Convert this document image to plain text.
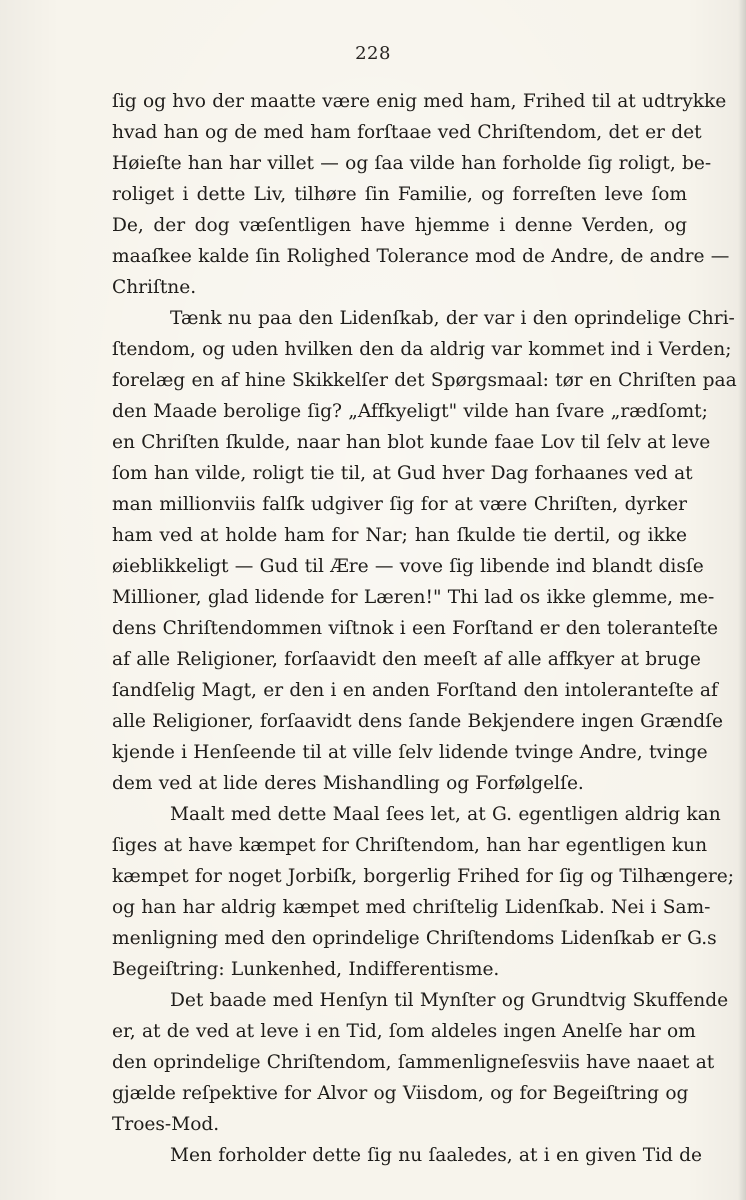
228
ſig og hvo der maatte være enig med ham, Frihed til at udtrykke
hvad han og de med ham forſtaae ved Chriſtendom, det er det
Høieſte han har villet — og ſaa vilde han forholde ſig roligt, be-
roliget i dette Liv, tilhøre ſin Familie, og forreſten leve ſom
De, der dog væſentligen have hjemme i denne Verden, og
maaſkee kalde ſin Rolighed Tolerance mod de Andre, de andre —
Chriſtne.
Tænk nu paa den Lidenſkab, der var i den oprindelige Chri-
ſtendom, og uden hvilken den da aldrig var kommet ind i Verden;
forelæg en af hine Skikkelſer det Spørgsmaal: tør en Chriſten paa
den Maade berolige ſig? „Affkyeligt" vilde han ſvare „rædſomt;
en Chriſten ſkulde, naar han blot kunde faae Lov til ſelv at leve
ſom han vilde, roligt tie til, at Gud hver Dag forhaanes ved at
man millionviis falſk udgiver ſig for at være Chriſten, dyrker
ham ved at holde ham for Nar; han ſkulde tie dertil, og ikke
øieblikkeligt — Gud til Ære — vove ſig libende ind blandt disſe
Millioner, glad lidende for Læren!" Thi lad os ikke glemme, me-
dens Chriſtendommen viſtnok i een Forſtand er den toleranteſte
af alle Religioner, forſaavidt den meeſt af alle affkyer at bruge
ſandſelig Magt, er den i en anden Forſtand den intoleranteſte af
alle Religioner, forſaavidt dens ſande Bekjendere ingen Grændſe
kjende i Henſeende til at ville ſelv lidende tvinge Andre, tvinge
dem ved at lide deres Mishandling og Forfølgelſe.
Maalt med dette Maal ſees let, at G. egentligen aldrig kan
ſiges at have kæmpet for Chriſtendom, han har egentligen kun
kæmpet for noget Jorbiſk, borgerlig Frihed for ſig og Tilhængere;
og han har aldrig kæmpet med chriſtelig Lidenſkab. Nei i Sam-
menligning med den oprindelige Chriſtendoms Lidenſkab er G.s
Begeiſtring: Lunkenhed, Indifferentisme.
Det baade med Henſyn til Mynſter og Grundtvig Skuffende
er, at de ved at leve i en Tid, ſom aldeles ingen Anelſe har om
den oprindelige Chriſtendom, ſammenligneſesviis have naaet at
gjælde reſpektive for Alvor og Viisdom, og for Begeiſtring og
Troes-Mod.
Men forholder dette ſig nu ſaaledes, at i en given Tid de
